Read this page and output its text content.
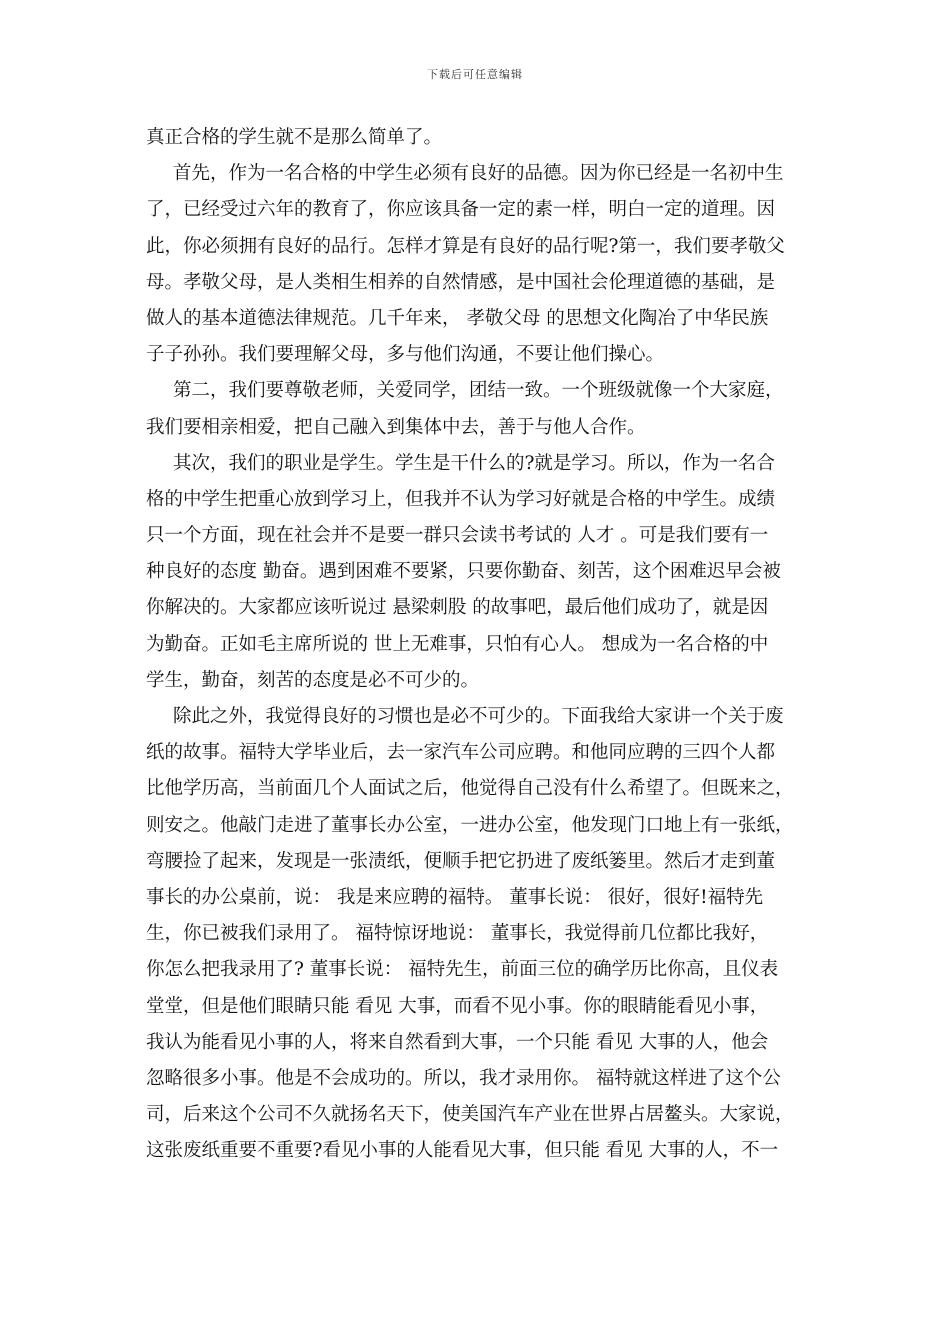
下载后可任意编辑
真正合格的学生就不是那么简单了。
首先，作为一名合格的中学生必须有良好的品德。因为你已经是一名初中生
了，已经受过六年的教育了，你应该具备一定的素一样，明白一定的道理。因
此，你必须拥有良好的品行。怎样才算是有良好的品行呢?第一，我们要孝敬父
母。孝敬父母，是人类相生相养的自然情感，是中国社会伦理道德的基础，是
做人的基本道德法律规范。几千年来， 孝敬父母 的思想文化陶冶了中华民族
子子孙孙。我们要理解父母，多与他们沟通，不要让他们操心。
第二，我们要尊敬老师，关爱同学，团结一致。一个班级就像一个大家庭，
我们要相亲相爱，把自己融入到集体中去，善于与他人合作。
其次，我们的职业是学生。学生是干什么的?就是学习。所以，作为一名合
格的中学生把重心放到学习上，但我并不认为学习好就是合格的中学生。成绩
只一个方面，现在社会并不是要一群只会读书考试的 人才 。可是我们要有一
种良好的态度 勤奋。遇到困难不要紧，只要你勤奋、刻苦，这个困难迟早会被
你解决的。大家都应该听说过 悬梁刺股 的故事吧，最后他们成功了，就是因
为勤奋。正如毛主席所说的 世上无难事，只怕有心人。 想成为一名合格的中
学生，勤奋，刻苦的态度是必不可少的。
除此之外，我觉得良好的习惯也是必不可少的。下面我给大家讲一个关于废
纸的故事。福特大学毕业后，去一家汽车公司应聘。和他同应聘的三四个人都
比他学历高，当前面几个人面试之后，他觉得自己没有什么希望了。但既来之，
则安之。他敲门走进了董事长办公室，一进办公室，他发现门口地上有一张纸，
弯腰捡了起来，发现是一张渍纸，便顺手把它扔进了废纸篓里。然后才走到董
事长的办公桌前，说： 我是来应聘的福特。 董事长说： 很好，很好!福特先
生，你已被我们录用了。 福特惊讶地说： 董事长，我觉得前几位都比我好，
你怎么把我录用了? 董事长说： 福特先生，前面三位的确学历比你高，且仪表
堂堂，但是他们眼睛只能 看见 大事，而看不见小事。你的眼睛能看见小事，
我认为能看见小事的人，将来自然看到大事，一个只能 看见 大事的人，他会
忽略很多小事。他是不会成功的。所以，我才录用你。 福特就这样进了这个公
司，后来这个公司不久就扬名天下，使美国汽车产业在世界占居鳌头。大家说，
这张废纸重要不重要?看见小事的人能看见大事，但只能 看见 大事的人，不一
